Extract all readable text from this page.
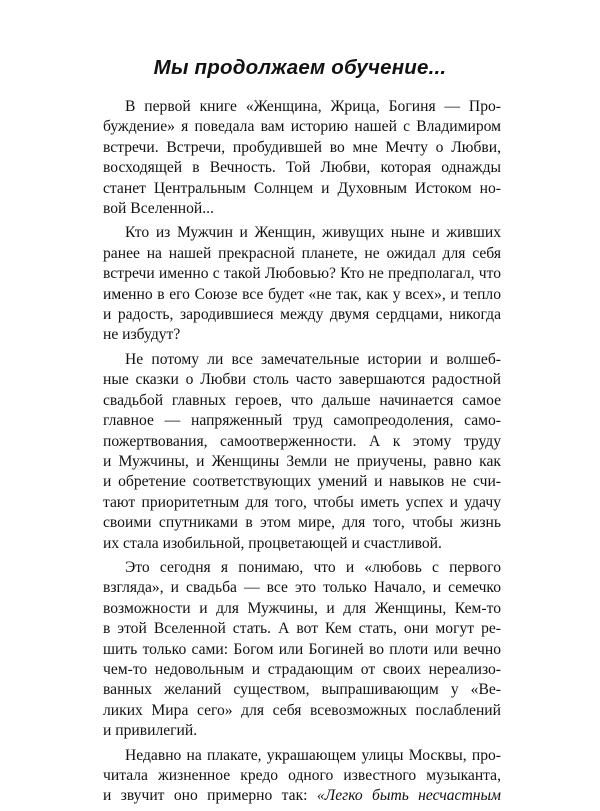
Мы продолжаем обучение...

В первой книге «Женщина, Жрица, Богиня — Про-
буждение» я поведала вам историю нашей с Владимиром
встречи. Встречи, пробудившей во мне Мечту о Любви,
восходящей в Вечность. Той Любви, которая однажды
станет Центральным Солнцем и Духовным Истоком но-
вой Вселенной...

Кто из Мужчин и Женщин, живущих ныне и живших
ранее на нашей прекрасной планете, не ожидал для себя
встречи именно с такой Любовью? Кто не предполагал, что
именно в его Союзе все будет «не так, как у всех», и тепло
и радость, зародившиеся между двумя сердцами, никогда
не избудут?

Не потому ли все замечательные истории и волшеб-
ные сказки о Любви столь часто завершаются радостной
свадьбой главных героев, что дальше начинается самое
главное — напряженный труд самопреодоления, само-
пожертвования, самоотверженности. А к этому труду
и Мужчины, и Женщины Земли не приучены, равно как
и обретение соответствующих умений и навыков не счи-
тают приоритетным для того, чтобы иметь успех и удачу
своими спутниками в этом мире, для того, чтобы жизнь
их стала изобильной, процветающей и счастливой.

Это сегодня я понимаю, что и «любовь с первого
взгляда», и свадьба — все это только Начало, и семечко
возможности и для Мужчины, и для Женщины, Кем-то
в этой Вселенной стать. А вот Кем стать, они могут ре-
шить только сами: Богом или Богиней во плоти или вечно
чем-то недовольным и страдающим от своих нереализо-
ванных желаний существом, выпрашивающим у «Ве-
ликих Мира сего» для себя всевозможных послаблений
и привилегий.

Недавно на плакате, украшающем улицы Москвы, про-
читала жизненное кредо одного известного музыканта,
и звучит оно примерно так: «Легко быть несчастным
